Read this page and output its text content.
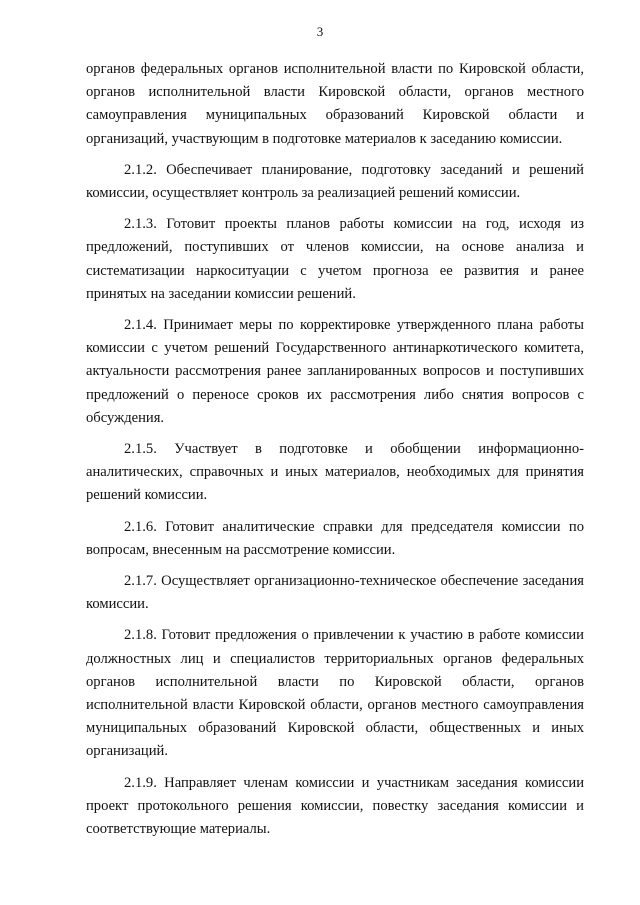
3

органов федеральных органов исполнительной власти по Кировской области, органов исполнительной власти Кировской области, органов местного самоуправления муниципальных образований Кировской области и организаций, участвующим в подготовке материалов к заседанию комиссии.

2.1.2. Обеспечивает планирование, подготовку заседаний и решений комиссии, осуществляет контроль за реализацией решений комиссии.

2.1.3. Готовит проекты планов работы комиссии на год, исходя из предложений, поступивших от членов комиссии, на основе анализа и систематизации наркоситуации с учетом прогноза ее развития и ранее принятых на заседании комиссии решений.

2.1.4. Принимает меры по корректировке утвержденного плана работы комиссии с учетом решений Государственного антинаркотического комитета, актуальности рассмотрения ранее запланированных вопросов и поступивших предложений о переносе сроков их рассмотрения либо снятия вопросов с обсуждения.

2.1.5. Участвует в подготовке и обобщении информационно-аналитических, справочных и иных материалов, необходимых для принятия решений комиссии.

2.1.6. Готовит аналитические справки для председателя комиссии по вопросам, внесенным на рассмотрение комиссии.

2.1.7. Осуществляет организационно-техническое обеспечение заседания комиссии.

2.1.8. Готовит предложения о привлечении к участию в работе комиссии должностных лиц и специалистов территориальных органов федеральных органов исполнительной власти по Кировской области, органов исполнительной власти Кировской области, органов местного самоуправления муниципальных образований Кировской области, общественных и иных организаций.

2.1.9. Направляет членам комиссии и участникам заседания комиссии проект протокольного решения комиссии, повестку заседания комиссии и соответствующие материалы.
